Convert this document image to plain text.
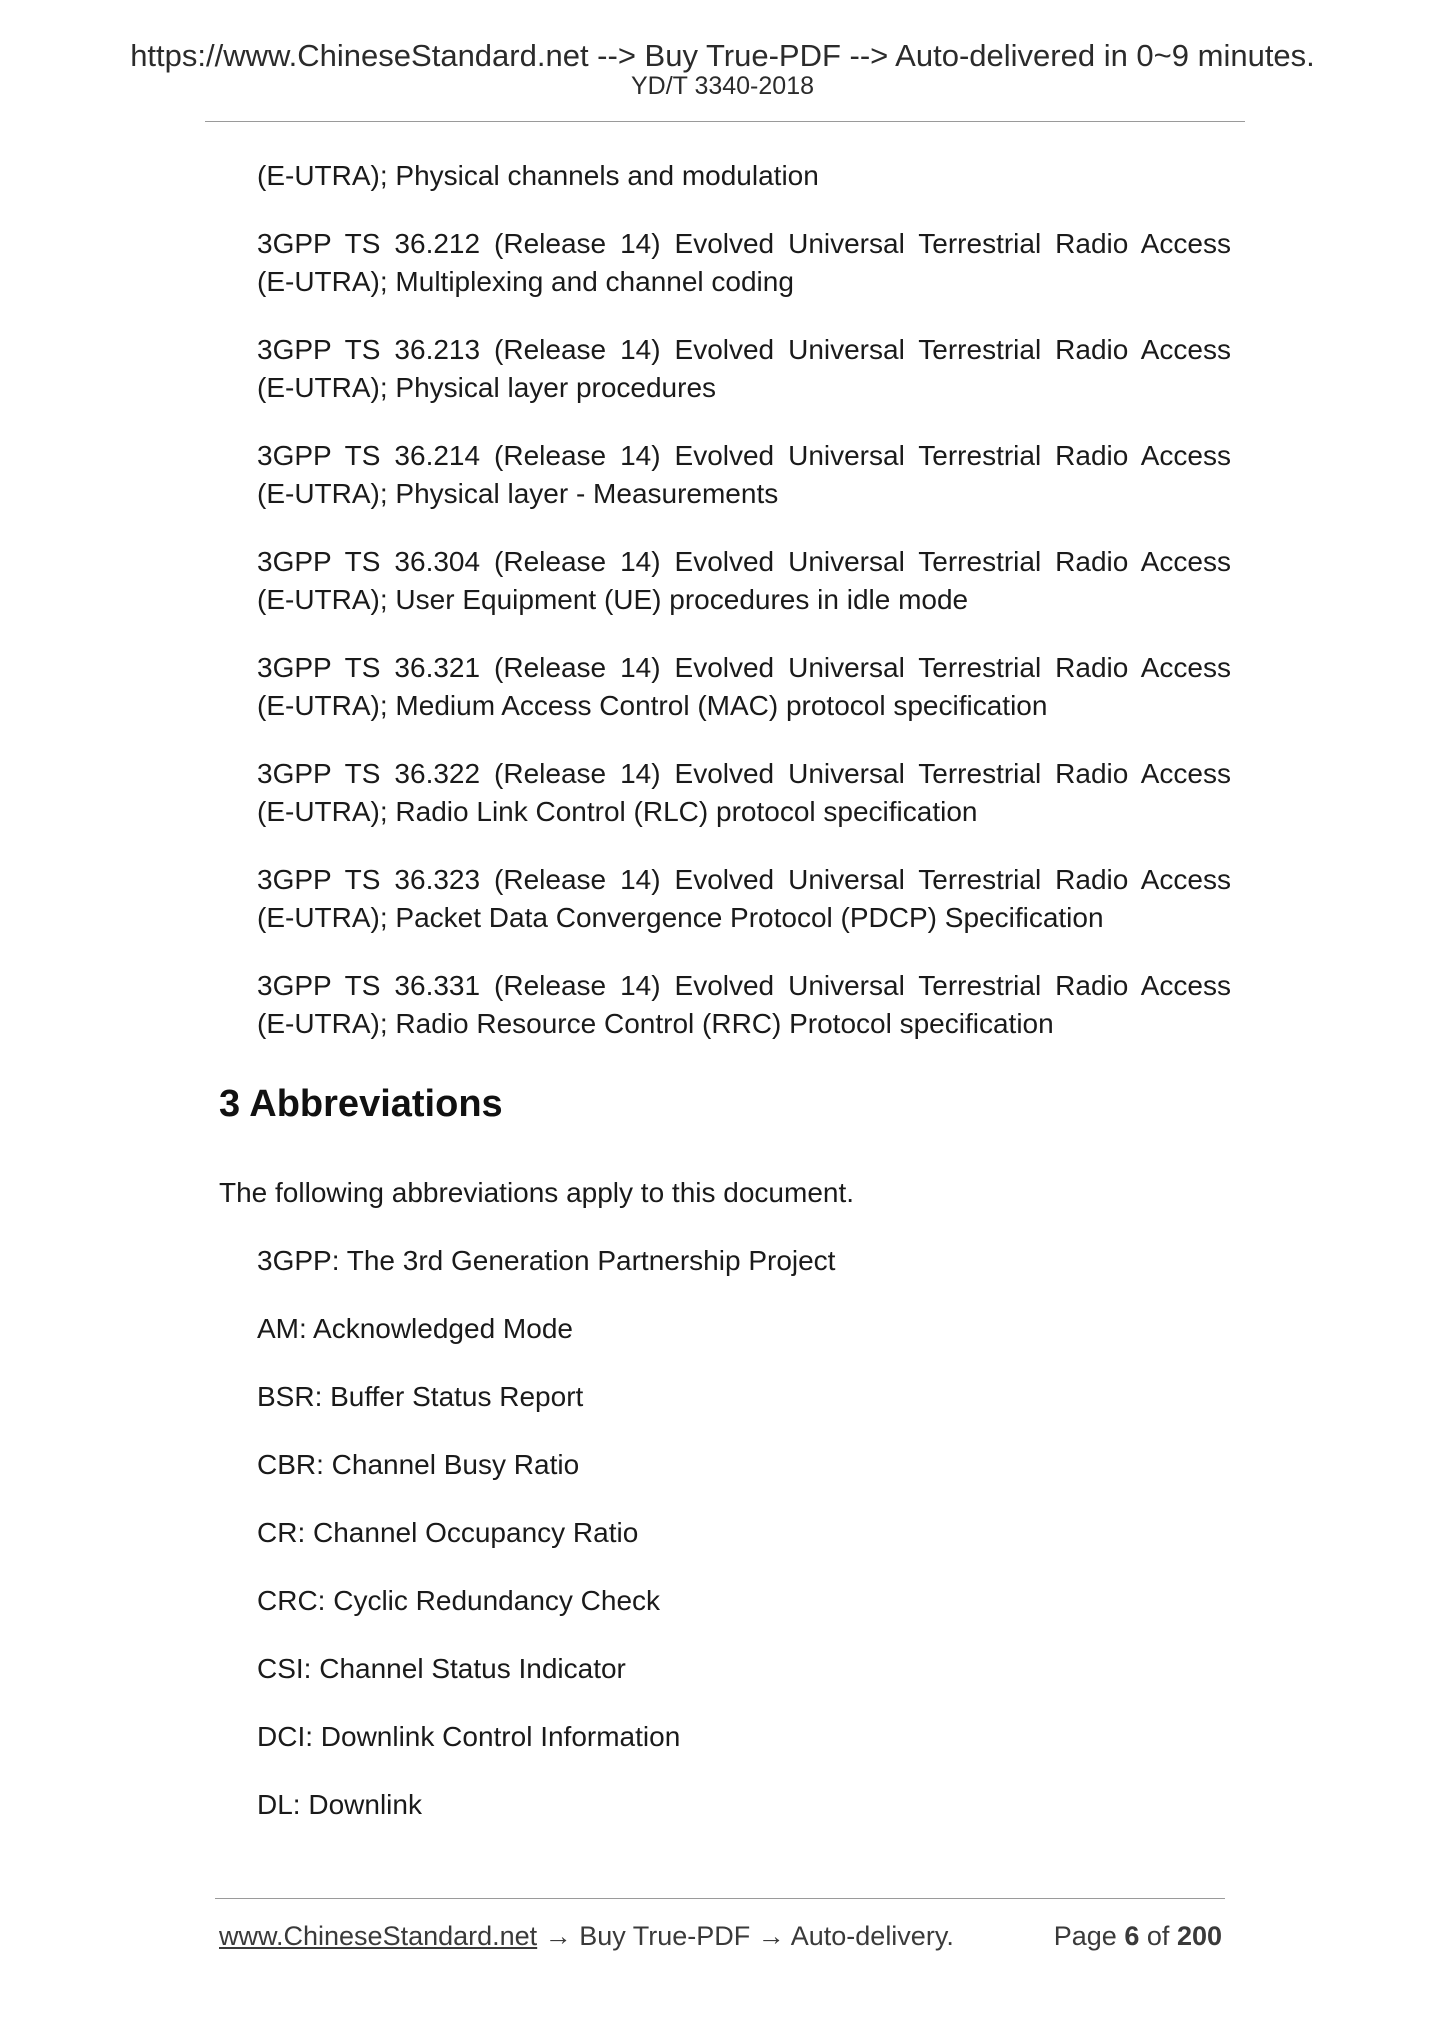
https://www.ChineseStandard.net --> Buy True-PDF --> Auto-delivered in 0~9 minutes.
YD/T 3340-2018
(E-UTRA); Physical channels and modulation
3GPP TS 36.212 (Release 14) Evolved Universal Terrestrial Radio Access
(E-UTRA); Multiplexing and channel coding
3GPP TS 36.213 (Release 14) Evolved Universal Terrestrial Radio Access
(E-UTRA); Physical layer procedures
3GPP TS 36.214 (Release 14) Evolved Universal Terrestrial Radio Access
(E-UTRA); Physical layer - Measurements
3GPP TS 36.304 (Release 14) Evolved Universal Terrestrial Radio Access
(E-UTRA); User Equipment (UE) procedures in idle mode
3GPP TS 36.321 (Release 14) Evolved Universal Terrestrial Radio Access
(E-UTRA); Medium Access Control (MAC) protocol specification
3GPP TS 36.322 (Release 14) Evolved Universal Terrestrial Radio Access
(E-UTRA); Radio Link Control (RLC) protocol specification
3GPP TS 36.323 (Release 14) Evolved Universal Terrestrial Radio Access
(E-UTRA); Packet Data Convergence Protocol (PDCP) Specification
3GPP TS 36.331 (Release 14) Evolved Universal Terrestrial Radio Access
(E-UTRA); Radio Resource Control (RRC) Protocol specification
3 Abbreviations
The following abbreviations apply to this document.
3GPP: The 3rd Generation Partnership Project
AM: Acknowledged Mode
BSR: Buffer Status Report
CBR: Channel Busy Ratio
CR: Channel Occupancy Ratio
CRC: Cyclic Redundancy Check
CSI: Channel Status Indicator
DCI: Downlink Control Information
DL: Downlink
www.ChineseStandard.net → Buy True-PDF → Auto-delivery.	Page 6 of 200
